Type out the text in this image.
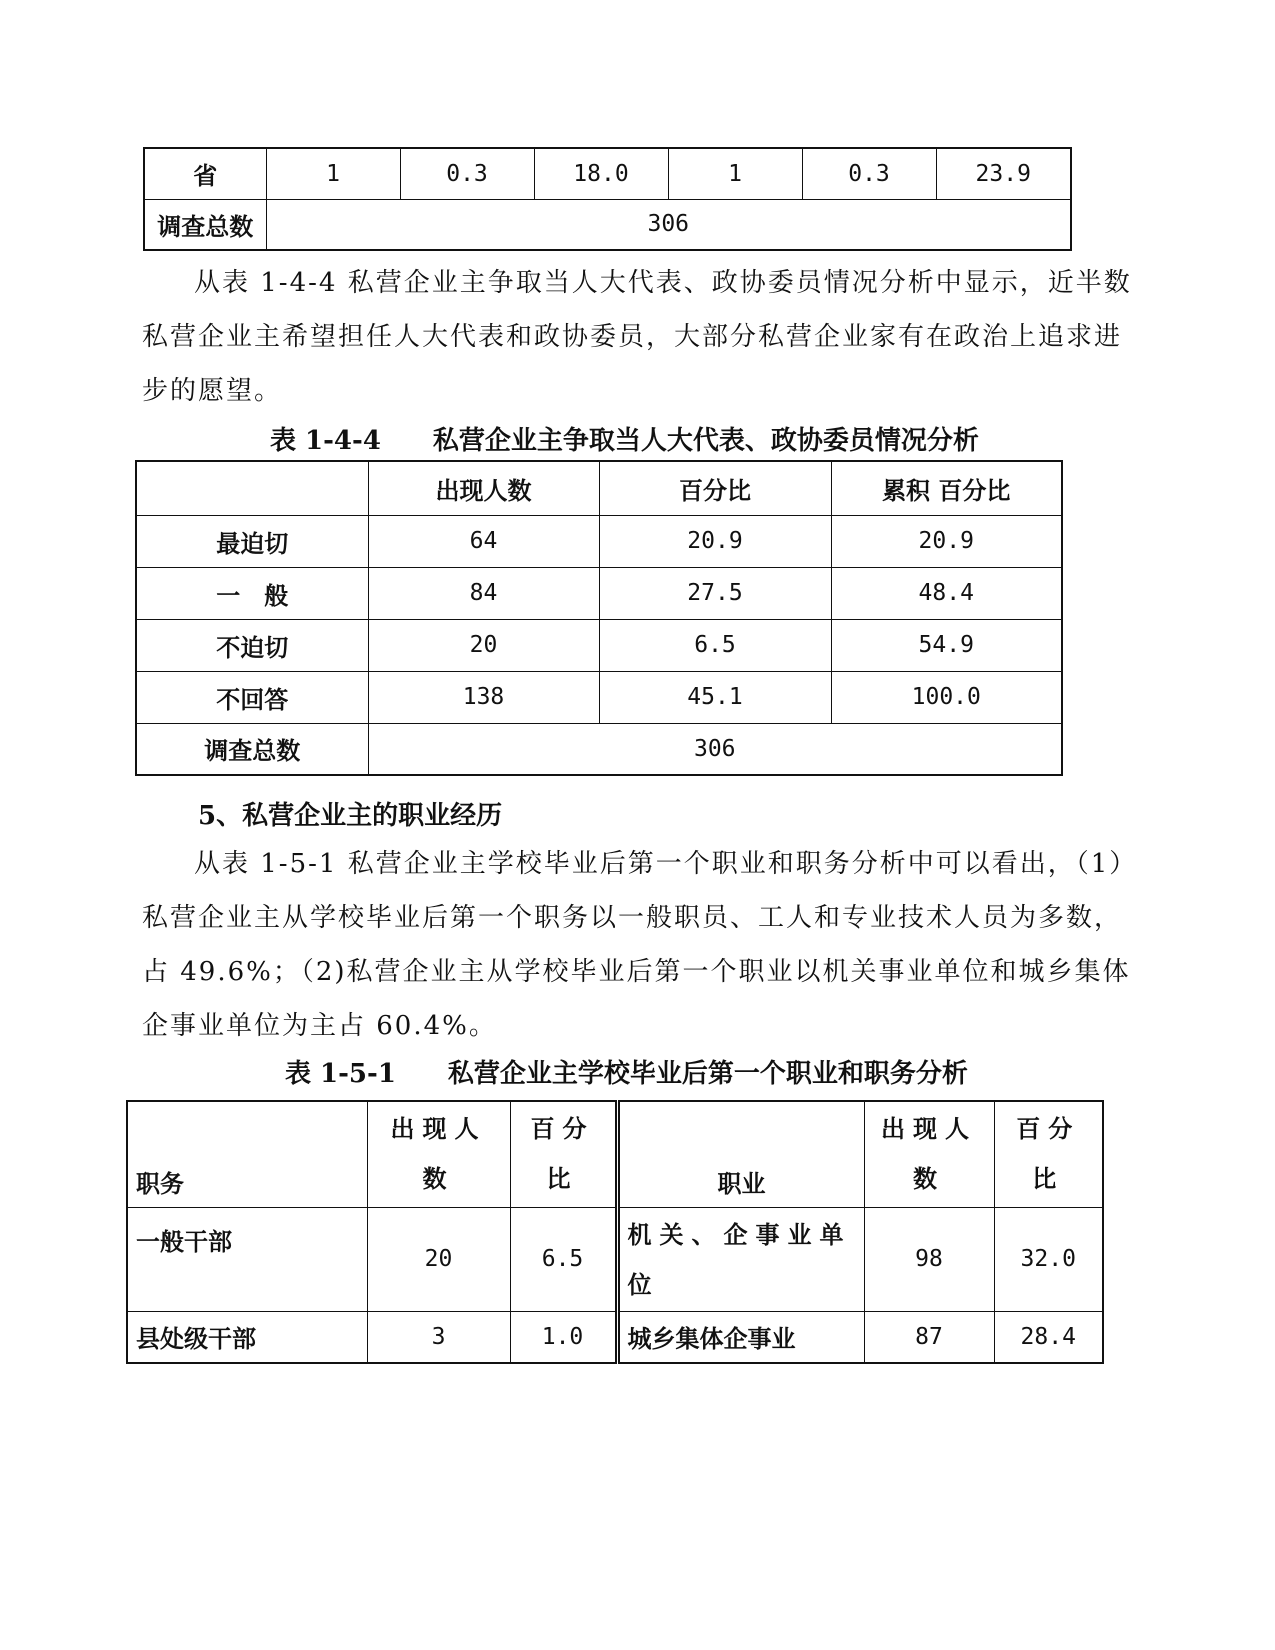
省	1	0.3	18.0	1	0.3	23.9
调查总数	306					

从表 1-4-4 私营企业主争取当人大代表、政协委员情况分析中显示，近半数私营企业主希望担任人大代表和政协委员，大部分私营企业家有在政治上追求进步的愿望。

表 1-4-4　　私营企业主争取当人大代表、政协委员情况分析

	出现人数	百分比	累积 百分比
最迫切	64	20.9	20.9
一　般	84	27.5	48.4
不迫切	20	6.5	54.9
不回答	138	45.1	100.0
调查总数	306		

5、私营企业主的职业经历

从表 1-5-1 私营企业主学校毕业后第一个职业和职务分析中可以看出，（1）私营企业主从学校毕业后第一个职务以一般职员、工人和专业技术人员为多数，占 49.6%；（2)私营企业主从学校毕业后第一个职业以机关事业单位和城乡集体企事业单位为主占 60.4%。

表 1-5-1　　私营企业主学校毕业后第一个职业和职务分析

职务	出现人数	百分比	职业	出现人数	百分比
一般干部	20	6.5	机关、企事业单位	98	32.0
县处级干部	3	1.0	城乡集体企事业	87	28.4
